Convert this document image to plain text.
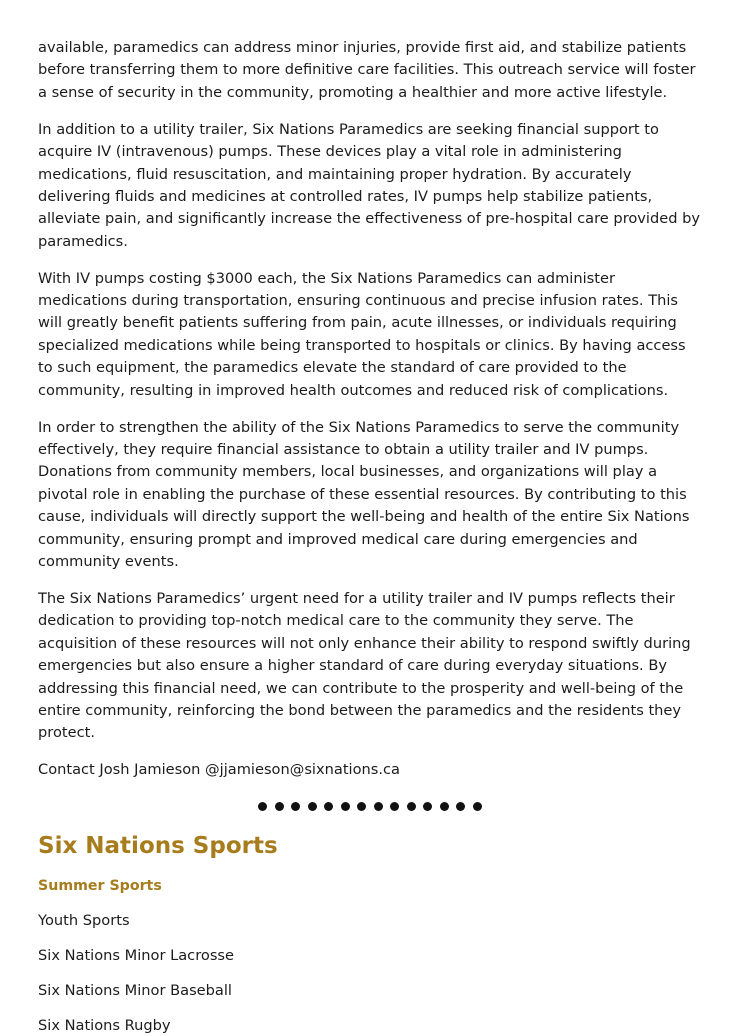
available, paramedics can address minor injuries, provide first aid, and stabilize patients before transferring them to more definitive care facilities. This outreach service will foster a sense of security in the community, promoting a healthier and more active lifestyle.

In addition to a utility trailer, Six Nations Paramedics are seeking financial support to acquire IV (intravenous) pumps. These devices play a vital role in administering medications, fluid resuscitation, and maintaining proper hydration. By accurately delivering fluids and medicines at controlled rates, IV pumps help stabilize patients, alleviate pain, and significantly increase the effectiveness of pre-hospital care provided by paramedics.

With IV pumps costing $3000 each, the Six Nations Paramedics can administer medications during transportation, ensuring continuous and precise infusion rates. This will greatly benefit patients suffering from pain, acute illnesses, or individuals requiring specialized medications while being transported to hospitals or clinics. By having access to such equipment, the paramedics elevate the standard of care provided to the community, resulting in improved health outcomes and reduced risk of complications.

In order to strengthen the ability of the Six Nations Paramedics to serve the community effectively, they require financial assistance to obtain a utility trailer and IV pumps. Donations from community members, local businesses, and organizations will play a pivotal role in enabling the purchase of these essential resources. By contributing to this cause, individuals will directly support the well-being and health of the entire Six Nations community, ensuring prompt and improved medical care during emergencies and community events.

The Six Nations Paramedics’ urgent need for a utility trailer and IV pumps reflects their dedication to providing top-notch medical care to the community they serve. The acquisition of these resources will not only enhance their ability to respond swiftly during emergencies but also ensure a higher standard of care during everyday situations. By addressing this financial need, we can contribute to the prosperity and well-being of the entire community, reinforcing the bond between the paramedics and the residents they protect.

Contact Josh Jamieson @jjamieson@sixnations.ca

Six Nations Sports
Summer Sports
Youth Sports
Six Nations Minor Lacrosse
Six Nations Minor Baseball
Six Nations Rugby
